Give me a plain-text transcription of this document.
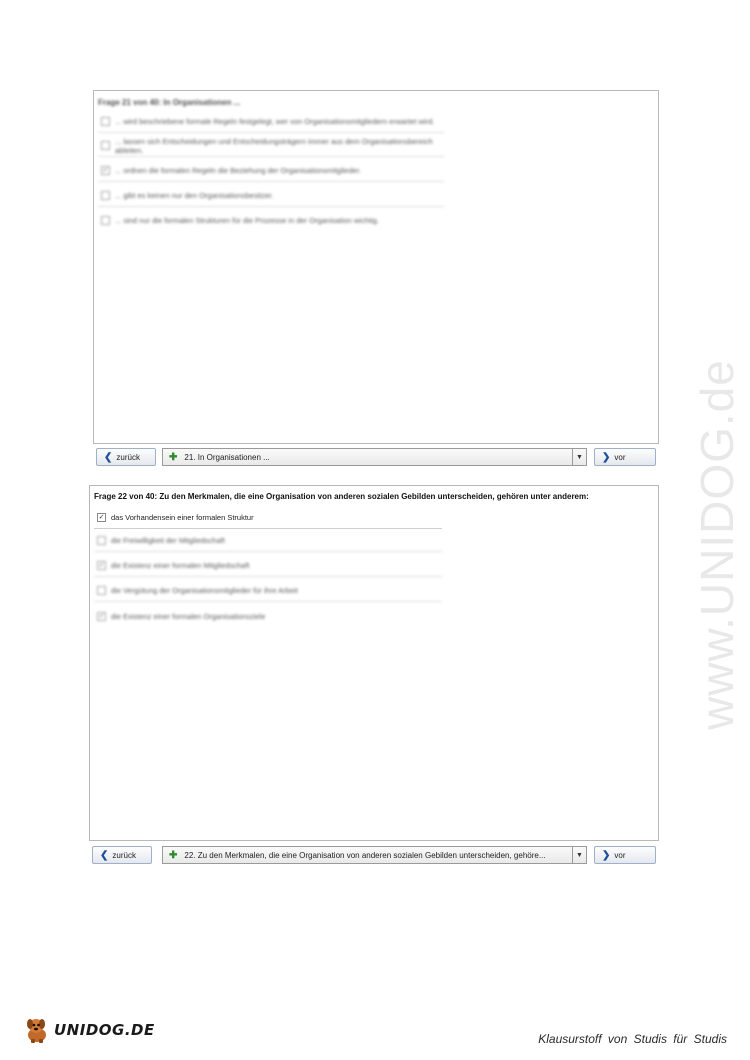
Frage 21 von 40: In Organisationen ...
... wird beschriebene formale Regeln festgelegt, wer von Organisationsmitgliedern erwartet wird.
... lassen sich Entscheidungen und Entscheidungsträgern immer aus dem Organisationsbereich ableiten.
✓ ... ordnen die formalen Regeln die Beziehung der Organisationsmitglieder.
... gibt es keinen nur den Organisationsbesitzer.
... sind nur die formalen Strukturen für die Prozesse in der Organisation wichtig.
❮ zurück	✚ 21. In Organisationen ...	▼	❯ vor
Frage 22 von 40: Zu den Merkmalen, die eine Organisation von anderen sozialen Gebilden unterscheiden, gehören unter anderem:
✓ das Vorhandensein einer formalen Struktur
die Freiwilligkeit der Mitgliedschaft
✓ die Existenz einer formalen Mitgliedschaft
die Vergütung der Organisationsmitglieder für ihre Arbeit
✓ die Existenz einer formalen Organisationsziele
❮ zurück	✚ 22. Zu den Merkmalen, die eine Organisation von anderen sozialen Gebilden unterscheiden, gehöre...	▼	❯ vor
www.UNIDOG.de
UNIDOG.DE	Klausurstoff von Studis für Studis
